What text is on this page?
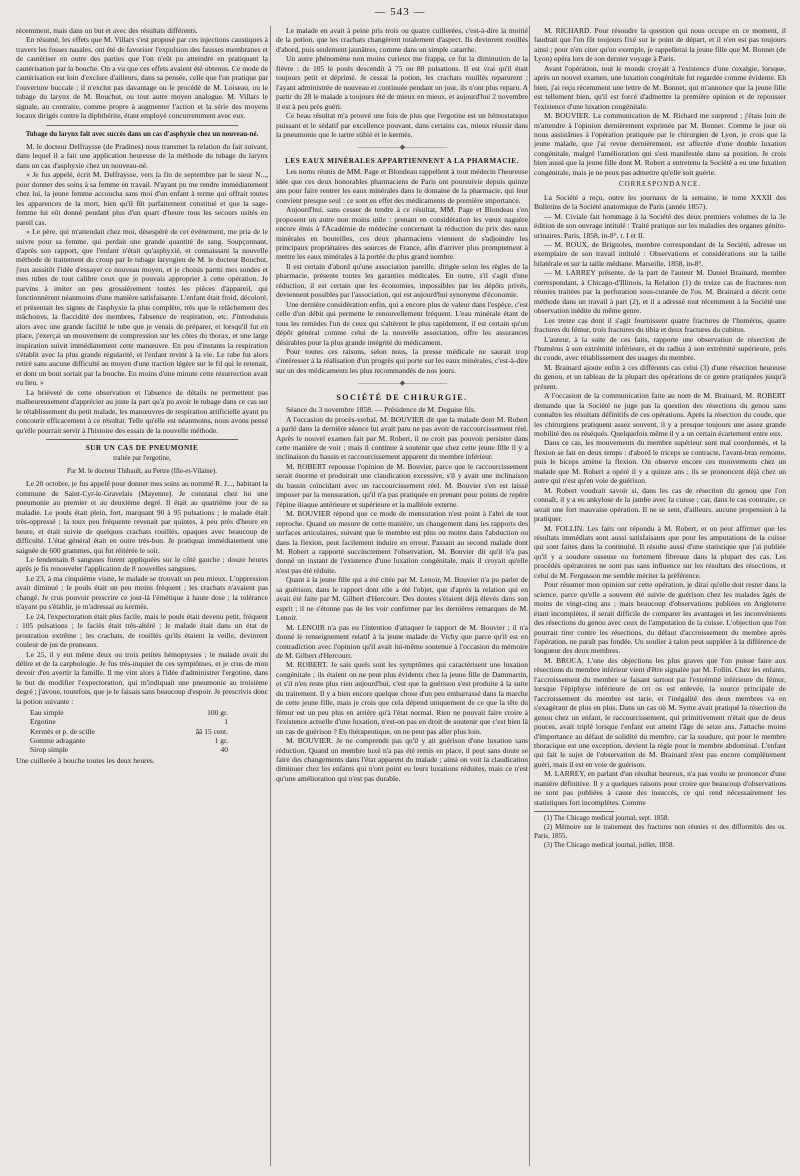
— 543 —

récemment, mais dans un but et avec des résultats différents.

En résumé, les effets que M. Villars s'est proposé par ces injections caustiques à travers les fosses nasales, ont été de favoriser l'expulsion des fausses membranes et de cautériser en outre des parties que l'on n'eût pu atteindre en pratiquant la cautérisation par la bouche. On a vu que ces effets avaient été obtenus. Ce mode de cautérisation est loin d'exclure d'ailleurs, dans sa pensée, celle que l'on pratique par l'ouverture buccale ; il n'exclut pas davantage ou le procédé de M. Loiseau, ou le tubage du larynx de M. Bouchut, ou tout autre moyen analogue. M. Villars le signale, au contraire, comme propre à augmenter l'action et la série des moyens locaux dirigés contre la diphthérite, étant employé concurremment avec eux.

Tubage du larynx fait avec succès dans un cas d'asphyxie chez un nouveau-né.

M. le docteur Delfraysse (de Pradines) nous transmet la relation du fait suivant, dans lequel il a fait une application heureuse de la méthode du tubage du larynx dans un cas d'asphyxie chez un nouveau-né.

« Je fus appelé, écrit M. Delfraysse, vers la fin de septembre par le sieur N..., pour donner des soins à sa femme en travail. N'ayant pu me rendre immédiatement chez lui, la jeune femme accoucha sans moi d'un enfant à terme qui offrait toutes les apparences de la mort, bien qu'il fût parfaitement constitué et que la sage-femme lui eût donné pendant plus d'un quart d'heure tous les secours usités en pareil cas.

» Le père, qui m'attendait chez moi, désespéré de cet événement, me pria de le suivre pour sa femme, qui perdait une grande quantité de sang. Soupçonnant, d'après son rapport, que l'enfant n'était qu'asphyxié, et connaissant la nouvelle méthode de traitement du croup par le tubage laryngien de M. le docteur Bouchut, j'eus aussitôt l'idée d'essayer ce nouveau moyen, et je choisis parmi mes sondes et mes tubes de tout calibre ceux que je pouvais approprier à cette opération. Je parvins à imiter un peu grossièrement toutes les pièces d'appareil, qui fonctionnèrent néanmoins d'une manière satisfaisante. L'enfant était froid, décoloré, et présentait les signes de l'asphyxie la plus complète, très que le relâchement des mâchoires, la flaccidité des membres, l'absence de respiration, etc. J'introduisis alors avec une grande facilité le tube que je venais de préparer, et lorsqu'il fut en place, j'exerçai un mouvement de compression sur les côtes du thorax, et une large inspiration suivit immédiatement cette manœuvre. En peu d'instants la respiration s'établit avec la plus grande régularité, et l'enfant revint à la vie. Le tube fut alors retiré sans aucune difficulté au moyen d'une traction légère sur le fil qui le retenait, et dont un bout sortait par la bouche. En moins d'une minute cette résurrection avait eu lieu. »

La brièveté de cette observation et l'absence de détails ne permettent pas malheureusement d'apprécier au juste la part qu'a pu avoir le tubage dans ce cas sur le rétablissement du petit malade, les manœuvres de respiration artificielle ayant pu concourir efficacement à ce résultat. Telle qu'elle est néanmoins, nous avons pensé qu'elle pourrait servir à l'histoire des essais de la nouvelle méthode.

SUR UN CAS DE PNEUMONIE
traitée par l'ergotine,
Par M. le docteur Thibault, au Pertre (Ille-et-Vilaine).

Le 20 octobre, je fus appelé pour donner mes soins au nommé R. J..., habitant la commune de Saint-Cyr-le-Gravelais (Mayenne). Je constatai chez lui une pneumonie au premier et au deuxième degré. Il était au quatrième jour de sa maladie. Le pouls était plein, fort, marquant 90 à 95 pulsations ; le malade était très-oppressé ; la toux peu fréquente revenait par quintes, à peu près d'heure en heure, et était suivie de quelques crachats rouillés, opaques avec beaucoup de difficulté. L'état général était en outre très-bon. Je pratiquai immédiatement une saignée de 600 grammes, qui fut réitérée le soir.

Le lendemain 8 sangsues furent appliquées sur le côté gauche ; douze heures après je fis renouveler l'application de 8 nouvelles sangsues.

Le 23, à ma cinquième visite, le malade se trouvait un peu mieux. L'oppression avait diminué ; le pouls était un peu moins fréquent ; les crachats n'avaient pas changé. Je crus pouvoir prescrire ce jour-là l'émétique à haute dose ; la tolérance n'ayant pu s'établir, je m'adressai au kermès.

Le 24, l'expectoration était plus facile, mais le pouls était devenu petit, fréquent : 105 pulsations ; le faciès était très-altéré ; le malade était dans un état de prostration extrême ; les crachats, de rouillés qu'ils étaient la veille, devinrent couleur de jus de pruneaux.

Le 25, il y eut même deux ou trois petites hémoptysies ; le malade avait du délire et de la carphologie. Je fus très-inquiet de ces symptômes, et je crus de mon devoir d'en avertir la famille. Il me vint alors à l'idée d'administrer l'ergotine, dans le but de modifier l'expectoration, qui m'indiquait une pneumonie au troisième degré ; j'avoue, toutefois, que je le faisais sans beaucoup d'espoir. Je prescrivis donc la potion suivante :

Eau simple	100 gr.
Ergotine	1
Kermès et p. de scille	ãã 15 cent.
Gomme adragante	1 gr.
Sirop simple	40

Une cuillerée à bouche toutes les deux heures.

Le malade en avait à peine pris trois ou quatre cuillerées, c'est-à-dire la moitié de la potion, que les crachats changèrent totalement d'aspect. Ils devinrent rouillés d'abord, puis seulement jaunâtres, comme dans un simple catarrhe.

Un autre phénomène non moins curieux me frappa, ce fut la diminution de la fièvre : de 105 le pouls descendit à 75 ou 80 pulsations. Il est vrai qu'il était toujours petit et déprimé. Je cessai la potion, les crachats rouillés reparurent ; l'ayant administrée de nouveau et continuée pendant un jour, ils n'ont plus reparu. A partir du 28 le malade a toujours été de mieux en mieux, et aujourd'hui 2 novembre il est à peu près guéri.

Ce beau résultat m'a prouvé une fois de plus que l'ergotine est un hémostatique puissant et le sédatif par excellence pouvant, dans certains cas, mieux réussir dans la pneumonie que le tartre stibié et le kermès.

———————◆———————
LES EAUX MINÉRALES APPARTIENNENT A LA PHARMACIE.

Les noms réunis de MM. Page et Blondeau rappellent à tout médecin l'heureuse idée que ces deux honorables pharmaciens de Paris ont poursuivie depuis quinze ans pour faire rentrer les eaux minérales dans le domaine de la pharmacie, qui leur convient presque seul : ce sont en effet des médicaments de première importance.

Aujourd'hui, sans cesser de tendre à ce résultat, MM. Page et Blondeau s'en proposent un autre non moins utile : prenant en considération les vœux naguère encore émis à l'Académie de médecine concernant la réduction du prix des eaux minérales en bouteilles, ces deux pharmaciens viennent de s'adjoindre les principaux propriétaires des sources de France, afin d'arriver plus promptement à mettre les eaux minérales à la portée du plus grand nombre.

Il est certain d'abord qu'une association pareille, dirigée selon les règles de la pharmacie, présente toutes les garanties médicales. En outre, s'il s'agit d'une réduction, il est certain que les économies, impossibles par les dépôts privés, deviennent possibles par l'association, qui est aujourd'hui synonyme d'économie.

Une dernière considération enfin, qui a encore plus de valeur dans l'espèce, c'est celle d'un débit qui permette le renouvellement fréquent. L'eau minérale étant de tous les remèdes l'un de ceux qui s'altèrent le plus rapidement, il est certain qu'un dépôt général comme celui de la nouvelle association, offre les assurances désirables pour la plus grande intégrité du médicament.

Pour toutes ces raisons, selon nous, la presse médicale ne saurait trop s'intéresser à la réalisation d'un progrès qui porte sur les eaux minérales, c'est-à-dire sur un des médicaments les plus recommandés de nos jours.

———————◆———————
SOCIÉTÉ DE CHIRURGIE.

Séance du 3 novembre 1858. — Présidence de M. Deguise fils.

A l'occasion du procès-verbal, M. BOUVIER dit que la malade dont M. Robert a parlé dans la dernière séance lui avait paru ne pas avoir de raccourcissement réel. Après le nouvel examen fait par M. Robert, il ne croit pas pouvoir persister dans cette manière de voir ; mais il continue à soutenir que chez cette jeune fille il y a inclinaison du bassin et raccourcissement apparent du membre inférieur.

M. ROBERT repousse l'opinion de M. Bouvier, parce que le raccourcissement serait énorme et produirait une claudication excessive, s'il y avait une inclinaison du bassin coïncidant avec un raccourcissement réel. M. Bouvier s'en est laissé imposer par la mensuration, qu'il n'a pas pratiquée en prenant pour points de repère l'épine iliaque antérieure et supérieure et la malléole externe.

M. BOUVIER répond que ce mode de mensuration n'est point à l'abri de tout reproche. Quand on mesure de cette manière, un changement dans les rapports des surfaces articulaires, suivant que le membre est plus ou moins dans l'abduction ou dans la flexion, peut facilement induire en erreur. Passant au second malade dont M. Robert a rapporté succinctement l'observation, M. Bouvier dit qu'il n'a pas donné un instant de l'existence d'une luxation congénitale, mais il croyait qu'elle n'est pas été réduite.

Quant à la jeune fille qui a été citée par M. Lenoir, M. Bouvier n'a pu parler de sa guérison, dans le rapport dont elle a été l'objet, que d'après la relation qui en avait été faite par M. Gilbert d'Hercourt. Des doutes s'étaient déjà élevés dans son esprit ; il ne s'étonne pas de les voir confirmer par les dernières remarques de M. Lenoir.

M. LENOIR n'a pas eu l'intention d'attaquer le rapport de M. Bouvier ; il n'a donné le renseignement relatif à la jeune malade de Vichy que parce qu'il est en contradiction avec l'opinion qu'il avait lui-même soutenue à l'occasion du mémoire de M. Gilbert d'Hercourt.

M. ROBERT. Je sais quels sont les symptômes qui caractérisent une luxation congénitale ; ils étaient on ne peut plus évidents chez la jeune fille de Dammartin, et s'il n'en reste plus rien aujourd'hui, c'est que la guérison s'est produite à la suite du traitement. Il y a bien encore quelque chose d'un peu embarrassé dans la marche de cette jeune fille, mais je crois que cela dépend uniquement de ce que la tête du fémur est un peu plus en arrière qu'à l'état normal. Rien ne pouvait faire croire à l'existence actuelle d'une luxation, n'est-on pas en droit de soutenir que c'est bien là un cas de guérison ? En thérapeutique, on ne peut pas aller plus loin.

M. BOUVIER. Je ne comprends pas qu'il y ait guérison d'une luxation sans réduction. Quand un membre luxé n'a pas été remis en place, il peut sans doute se faire des changements dans l'état apparent du malade ; ainsi on voit la claudication diminuer chez les enfants qui n'ont point eu leurs luxations réduites, mais ce n'est qu'une amélioration qui n'est pas durable.

M. RICHARD. Pour résoudre la question qui nous occupe en ce moment, il faudrait que l'on fût toujours fixé sur le point de départ, et il n'en est pas toujours ainsi ; pour n'en citer qu'un exemple, je rappellerai la jeune fille que M. Bonnet (de Lyon) opéra lors de son dernier voyage à Paris.

Avant l'opération, tout le monde croyait à l'existence d'une coxalgie, lorsque, après un nouvel examen, une luxation congénitale fut regardée comme évidente. Eh bien, j'ai reçu récemment une lettre de M. Bonnet, qui m'annonce que la jeune fille est tellement bien, qu'il est forcé d'admettre la première opinion et de repousser l'existence d'une luxation congénitale.

M. BOUVIER. La communication de M. Richard me surprend ; j'étais loin de m'attendre à l'opinion dernièrement exprimée par M. Bonnet. Comme le jour où nous assistâmes à l'opération pratiquée par le chirurgien de Lyon, je crois que la jeune malade, que j'ai revue dernièrement, est affectée d'une double luxation congénitale, malgré l'amélioration qui s'est manifestée dans sa position. Je crois bien aussi que la jeune fille dont M. Robert a entretenu la Société a eu une luxation congénitale, mais je ne peux pas admettre qu'elle soit guérie.

CORRESPONDANCE.

La Société a reçu, outre les journaux de la semaine, le tome XXXII des Bulletins de la Société anatomique de Paris (année 1857).

— M. Civiale fait hommage à la Société des deux premiers volumes de la 3e édition de son ouvrage intitulé : Traité pratique sur les maladies des organes génito-urinaires. Paris, 1858, in-8°, t. I et II.

— M. ROUX, de Brignoles, membre correspondant de la Société, adresse un exemplaire de son travail intitulé : Observations et considérations sur la taille bilatérale et sur la taille médiane. Marseille, 1858, in-8°.

— M. LARREY présente, de la part de l'auteur M. Daniel Brainard, membre correspondant, à Chicago-d'Illinois, la Relation (1) de treize cas de fractures non réunies traitées par la perforation sous-cutanée de l'os. M. Brainard a décrit cette méthode dans un travail à part (2), et il a adressé tout récemment à la Société une observation inédite du même genre.

Les treize cas dont il s'agit fournissent quatre fractures de l'humérus, quatre fractures du fémur, trois fractures du tibia et deux fractures du cubitus.

L'auteur, à la suite de ces faits, rapporte une observation de résection de l'humérus à son extrémité inférieure, et du radius à son extrémité supérieure, près du coude, avec rétablissement des usages du membre.

M. Brainard ajoute enfin à ces différents cas celui (3) d'une résection heureuse du genou, et un tableau de la plupart des opérations de ce genre pratiquées jusqu'à présent.

A l'occasion de la communication faite au nom de M. Brainard, M. ROBERT demande que la Société ne juge pas la question des résections du genou sans connaître les résultats définitifs de ces opérations. Après la résection du coude, que les chirurgiens pratiquent assez souvent, il y a presque toujours une assez grande mobilité des os réséqués. Quelquefois même il y a un certain écartement entre eux.

Dans ce cas, les mouvements du membre supérieur sont mal coordonnés, et la flexion se fait en deux temps : d'abord le triceps se contracte, l'avant-bras remonte, puis le biceps amène la flexion. On observe encore ces mouvements chez un malade que M. Robert a opéré il y a quinze ans ; ils se prononcent déjà chez un autre qui n'est qu'en voie de guérison.

M. Robert voudrait savoir si, dans les cas de résection du genou que l'on connaît, il y a eu ankylose de la jambe avec la cuisse ; car, dans le cas contraire, ce serait une fort mauvaise opération. Il ne se sent, d'ailleurs, aucune propension à la pratiquer.

M. FOLLIN. Les faits ont répondu à M. Robert, et on peut affirmer que les résultats immédiats sont aussi satisfaisants que pour les amputations de la cuisse qui sont faites dans la continuité. Il résulte aussi d'une statistique que j'ai publiée qu'il y a soudure osseuse ou fortement fibreuse dans la plupart des cas. Les procédés opératoires ne sont pas sans influence sur les résultats des résections, et celui de M. Fergusson me semble mériter la préférence.

Pour résumer mon opinion sur cette opération, je dirai qu'elle doit rester dans la science, parce qu'elle a souvent été suivie de guérison chez les malades âgés de moins de vingt-cinq ans ; mais beaucoup d'observations publiées en Angleterre étant incomplètes, il serait difficile de comparer les avantages et les inconvénients des résections du genou avec ceux de l'amputation de la cuisse. L'objection que l'on pourrait tirer contre les résections, du défaut d'accroissement du membre après l'opération, ne paraît pas fondée. Un soulier à talon peut suppléer à la différence de longueur des deux membres.

M. BROCA. L'une des objections les plus graves que l'on puisse faire aux résections du membre inférieur vient d'être signalée par M. Follin. Chez les enfants, l'accroissement du membre se faisant surtout par l'extrémité inférieure du fémur, lorsque l'épiphyse inférieure de cet os est enlevée, la source principale de l'accroissement du membre est tarie, et l'inégalité des deux membres va en s'exagérant de plus en plus. Dans un cas où M. Syme avait pratiqué la résection du genou chez un enfant, le raccourcissement, qui primitivement n'était que de deux pouces, avait triplé lorsque l'enfant eut atteint l'âge de seize ans. J'attache moins d'importance au défaut de solidité du membre, car la soudure, qui pour le membre thoracique est une exception, devient la règle pour le membre abdominal. L'enfant qui fait le sujet de l'observation de M. Brainard n'est pas encore complètement guéri, mais il est en voie de guérison.

M. LARREY, en parlant d'un résultat heureux, n'a pas voulu se prononcer d'une manière définitive. Il y a quelques raisons pour croire que beaucoup d'observations ne sont pas publiées à cause des insuccès, ce qui rend nécessairement les statistiques fort incomplètes. Comme

(1) The Chicago medical journal, sept. 1858.

(2) Mémoire sur le traitement des fractures non réunies et des difformités des os. Paris, 1855.

(3) The Chicago medical journal, juillet, 1858.
